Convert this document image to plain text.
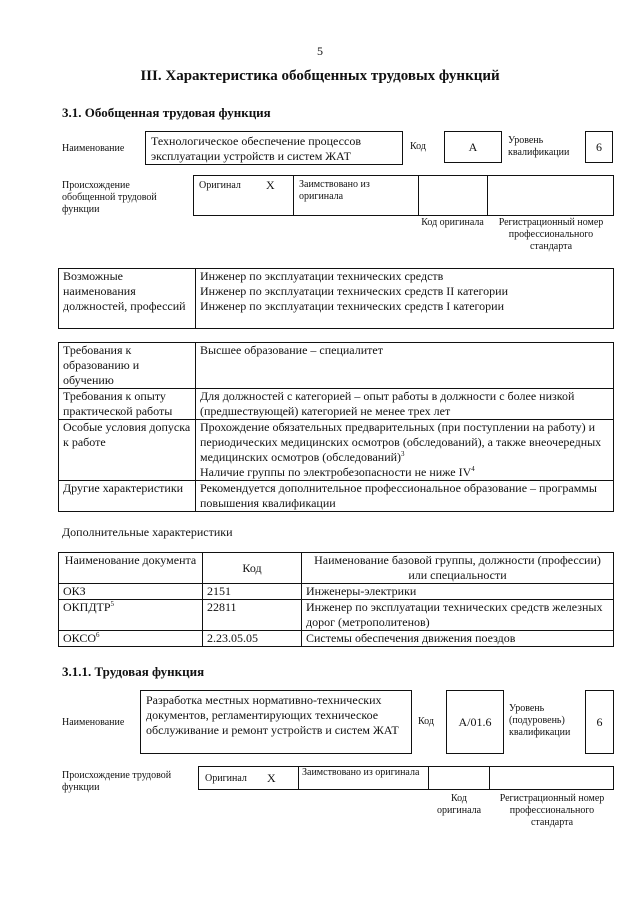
5
III. Характеристика обобщенных трудовых функций
3.1. Обобщенная трудовая функция
Наименование
Технологическое обеспечение процессов эксплуатации устройств и систем ЖАТ
Код	A	Уровень квалификации	6
Происхождение обобщенной трудовой функции
Оригинал X Заимствовано из оригинала
Код оригинала	Регистрационный номер профессионального стандарта
Возможные наименования должностей, профессий	
Инженер по эксплуатации технических средств
Инженер по эксплуатации технических средств II категории
Инженер по эксплуатации технических средств I категории
Требования к образованию и обучению	Высшее образование – специалитет
Требования к опыту практической работы	Для должностей с категорией – опыт работы в должности с более низкой (предшествующей) категорией не менее трех лет
Особые условия допуска к работе	Прохождение обязательных предварительных (при поступлении на работу) и периодических медицинских осмотров (обследований), а также внеочередных медицинских осмотров (обследований)$^3$
Наличие группы по электробезопасности не ниже $IV^4$
Другие характеристики	Рекомендуется дополнительное профессиональное образование – программы повышения квалификации
Дополнительные характеристики
Наименование документа	Код	Наименование базовой группы, должности (профессии) или специальности
ОКЗ	2151	Инженеры-электрики
ОКПДТР$^5$	22811	Инженер по эксплуатации технических средств железных дорог (метрополитенов)
ОКСО$^6$	2.23.05.05	Системы обеспечения движения поездов
3.1.1. Трудовая функция
Наименование
Разработка местных нормативно-технических документов, регламентирующих техническое обслуживание и ремонт устройств и систем ЖАТ
Код	A/01.6
Уровень (подуровень) квалификации
6
Происхождение трудовой функции
Оригинал X	Заимствовано из оригинала
Код оригинала
Регистрационный номер профессионального стандарта
